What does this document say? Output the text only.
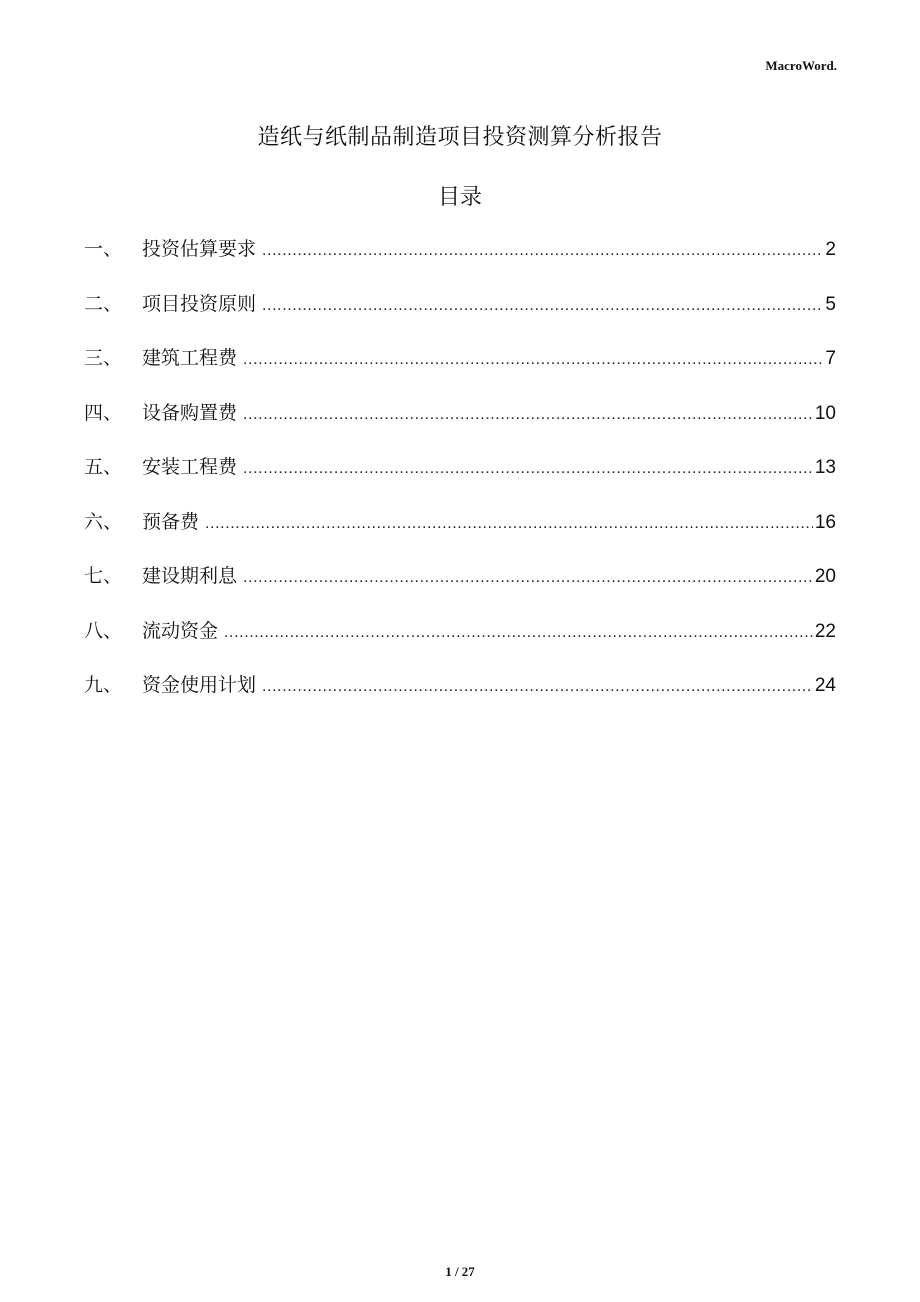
MacroWord.
造纸与纸制品制造项目投资测算分析报告
目录
一、	投资估算要求 .....	2
二、	项目投资原则 .....	5
三、	建筑工程费 .....	7
四、	设备购置费 .....	10
五、	安装工程费 .....	13
六、	预备费 .....	16
七、	建设期利息 .....	20
八、	流动资金 .....	22
九、	资金使用计划 .....	24
1 / 27
